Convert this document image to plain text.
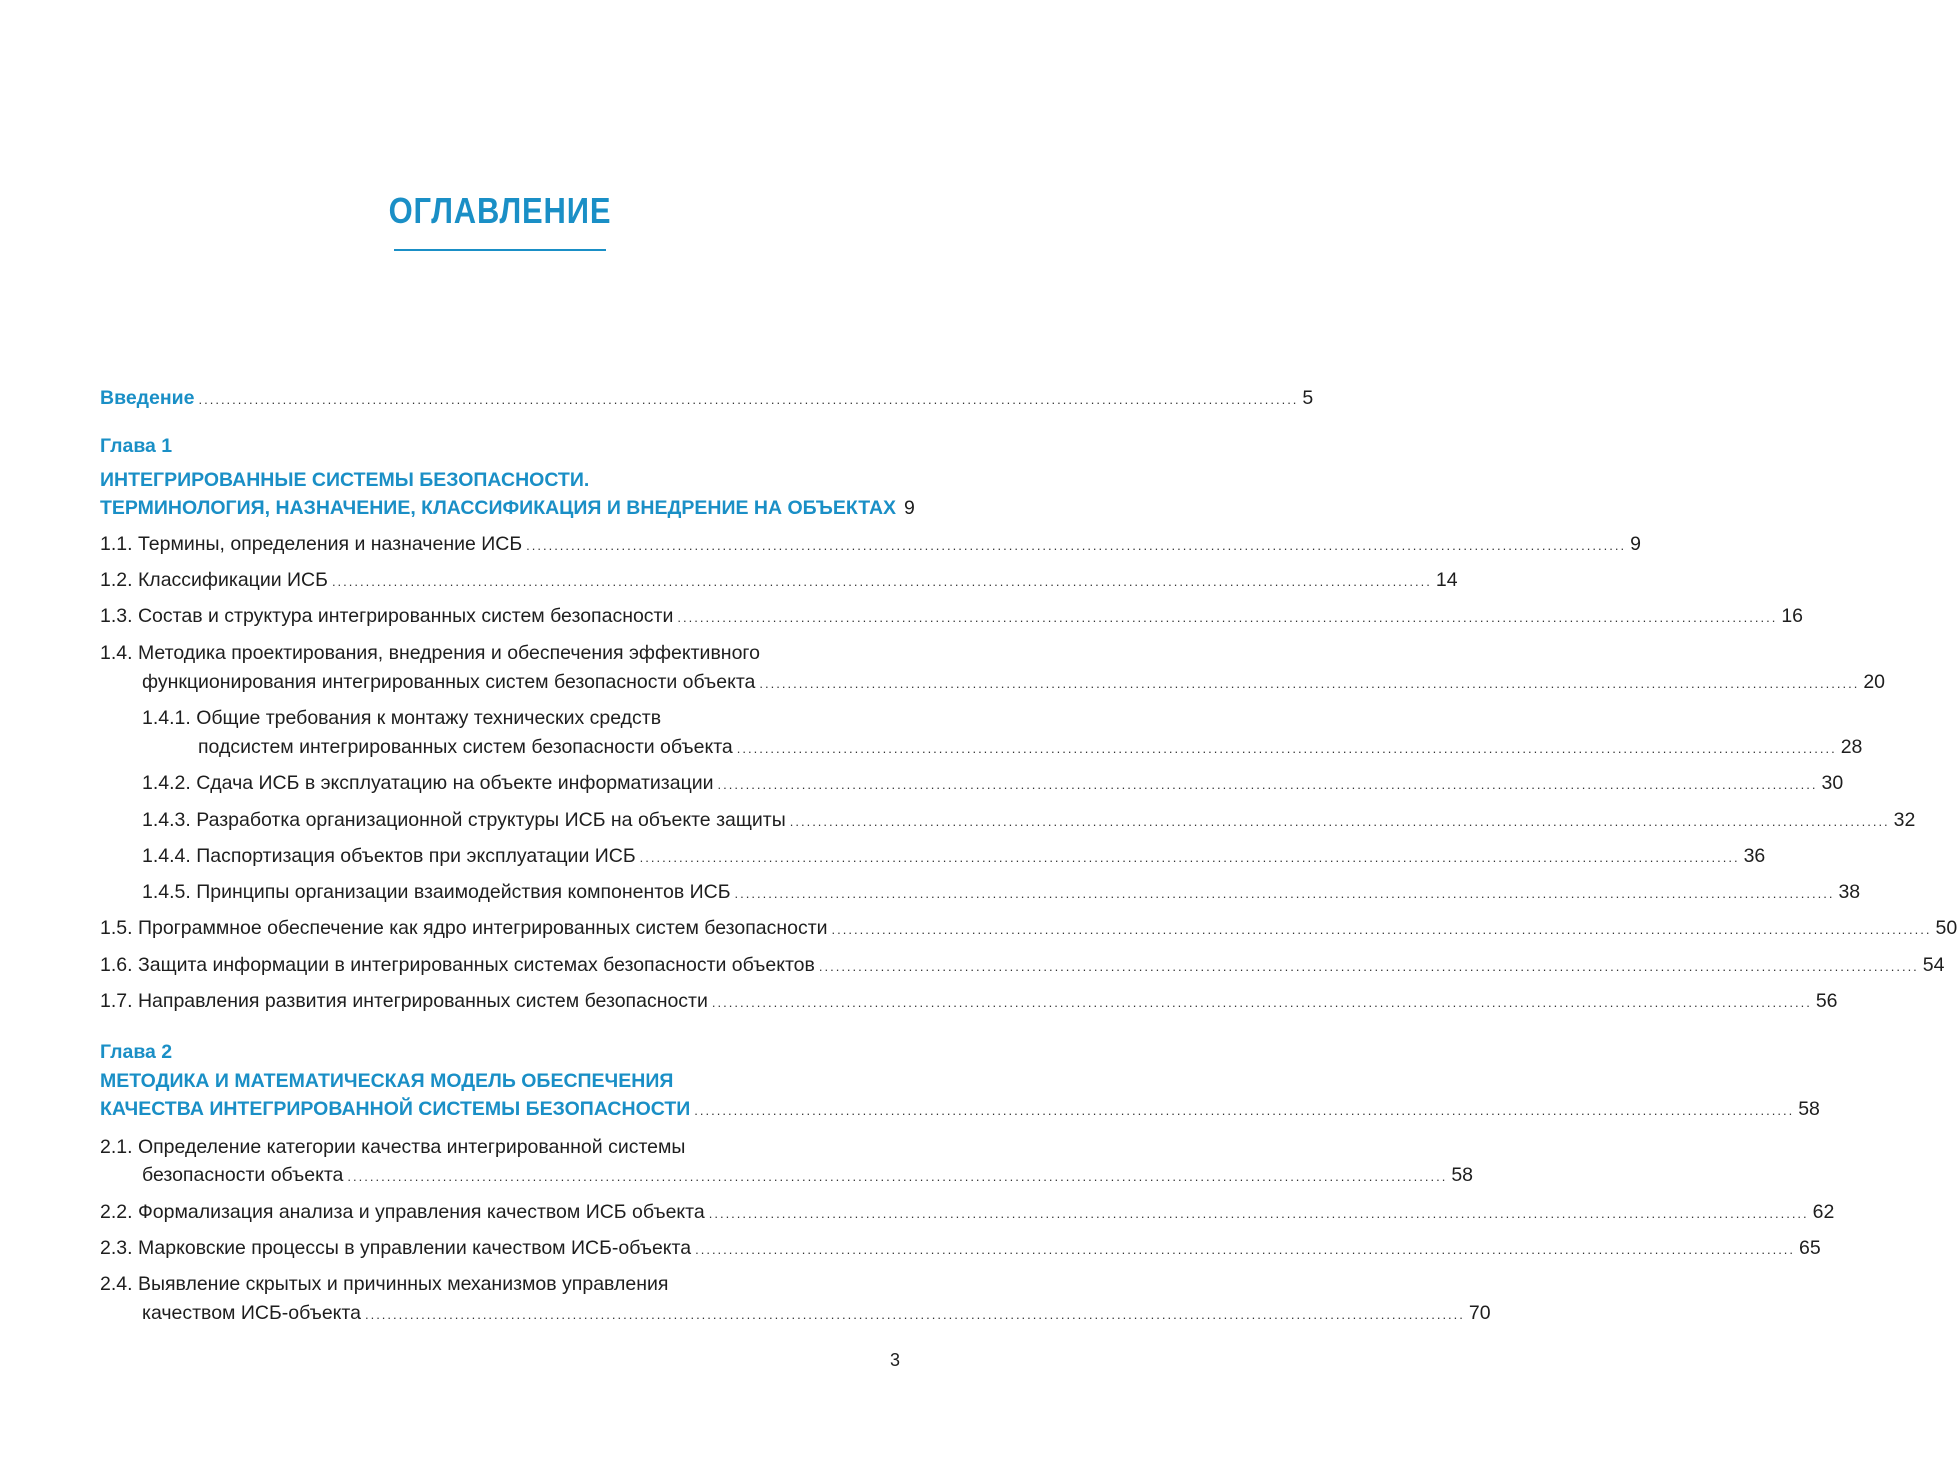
ОГЛАВЛЕНИЕ
Введение .................................................................................................................................................................................................... 5
Глава 1
ИНТЕГРИРОВАННЫЕ СИСТЕМЫ БЕЗОПАСНОСТИ.
ТЕРМИНОЛОГИЯ, НАЗНАЧЕНИЕ, КЛАССИФИКАЦИЯ И ВНЕДРЕНИЕ НА ОБЪЕКТАХ 9
1.1. Термины, определения и назначение ИСБ .................................................................................................................................................................................................... 9
1.2. Классификации ИСБ .................................................................................................................................................................................................... 14
1.3. Состав и структура интегрированных систем безопасности .................................................................................................................................................................................................... 16
1.4. Методика проектирования, внедрения и обеспечения эффективного
функционирования интегрированных систем безопасности объекта .................................................................................................................................................................................................... 20
1.4.1. Общие требования к монтажу технических средств
подсистем интегрированных систем безопасности объекта .................................................................................................................................................................................................... 28
1.4.2. Сдача ИСБ в эксплуатацию на объекте информатизации .................................................................................................................................................................................................... 30
1.4.3. Разработка организационной структуры ИСБ на объекте защиты .................................................................................................................................................................................................... 32
1.4.4. Паспортизация объектов при эксплуатации ИСБ .................................................................................................................................................................................................... 36
1.4.5. Принципы организации взаимодействия компонентов ИСБ .................................................................................................................................................................................................... 38
1.5. Программное обеспечение как ядро интегрированных систем безопасности .................................................................................................................................................................................................... 50
1.6. Защита информации в интегрированных системах безопасности объектов .................................................................................................................................................................................................... 54
1.7. Направления развития интегрированных систем безопасности .................................................................................................................................................................................................... 56
Глава 2
МЕТОДИКА И МАТЕМАТИЧЕСКАЯ МОДЕЛЬ ОБЕСПЕЧЕНИЯ
КАЧЕСТВА ИНТЕГРИРОВАННОЙ СИСТЕМЫ БЕЗОПАСНОСТИ .................................................................................................................................................................................................... 58
2.1. Определение категории качества интегрированной системы
безопасности объекта .................................................................................................................................................................................................... 58
2.2. Формализация анализа и управления качеством ИСБ объекта .................................................................................................................................................................................................... 62
2.3. Марковские процессы в управлении качеством ИСБ-объекта .................................................................................................................................................................................................... 65
2.4. Выявление скрытых и причинных механизмов управления
качеством ИСБ-объекта .................................................................................................................................................................................................... 70
3
